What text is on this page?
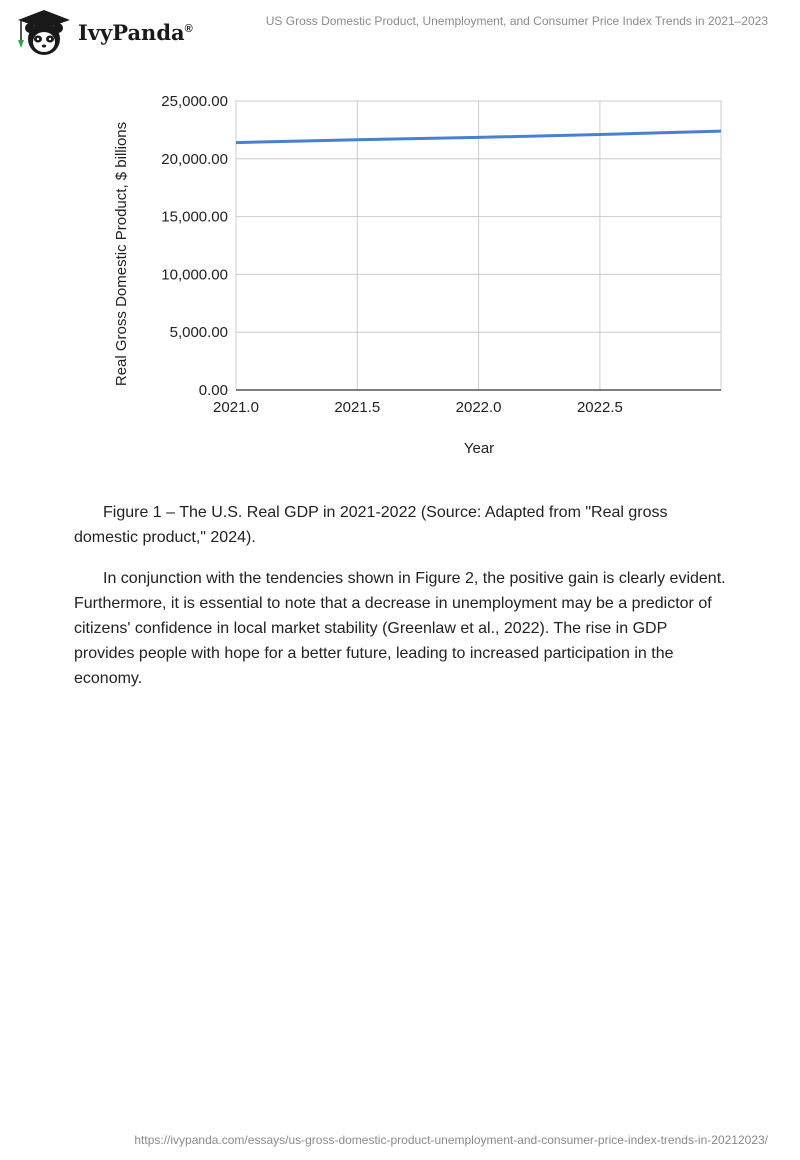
IvyPanda®
US Gross Domestic Product, Unemployment, and Consumer Price Index Trends in 2021–2023
0.00
5,000.00
10,000.00
15,000.00
20,000.00
25,000.00
2021.0	2021.5	2022.0	2022.5
Year
Real Gross Domestic Product, $ billions

Figure 1 – The U.S. Real GDP in 2021-2022 (Source: Adapted from "Real gross domestic product," 2024).

In conjunction with the tendencies shown in Figure 2, the positive gain is clearly evident. Furthermore, it is essential to note that a decrease in unemployment may be a predictor of citizens' confidence in local market stability (Greenlaw et al., 2022). The rise in GDP provides people with hope for a better future, leading to increased participation in the economy.

https://ivypanda.com/essays/us-gross-domestic-product-unemployment-and-consumer-price-index-trends-in-20212023/
